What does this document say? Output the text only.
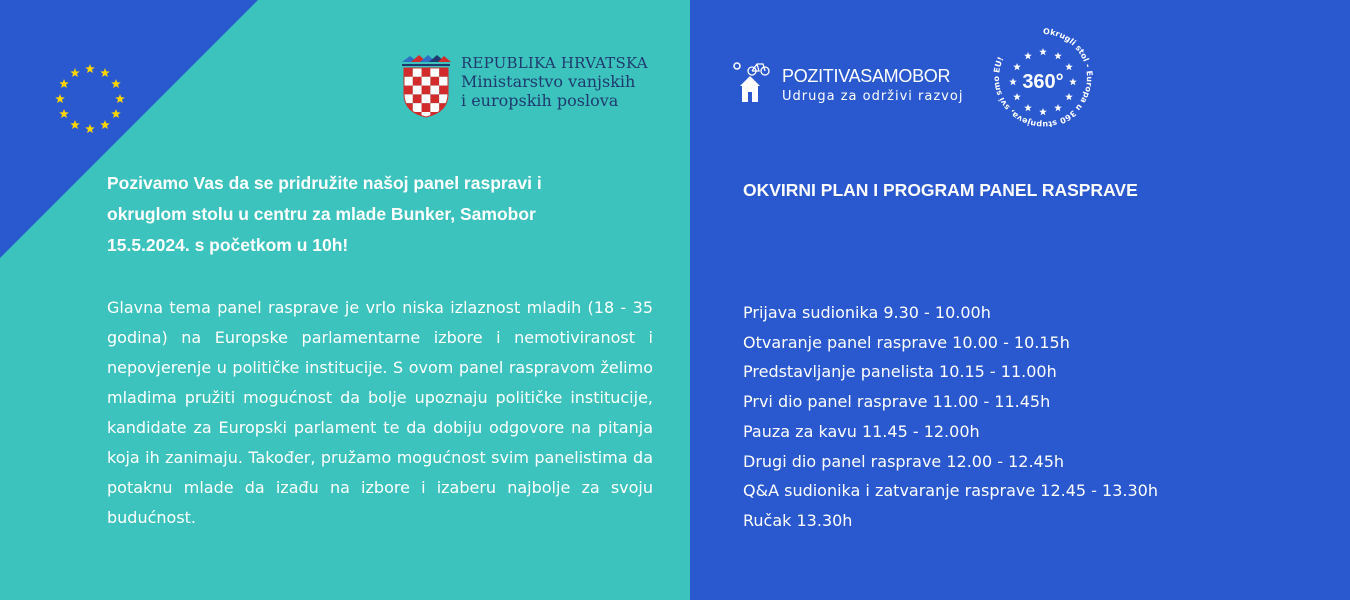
REPUBLIKA HRVATSKA
Ministarstvo vanjskih
i europskih poslova
Pozivamo Vas da se pridružite našoj panel raspravi i
okruglom stolu u centru za mlade Bunker, Samobor
15.5.2024. s početkom u 10h!
Glavna tema panel rasprave je vrlo niska izlaznost mladih (18 - 35 godina) na Europske parlamentarne izbore i nemotiviranost i nepovjerenje u političke institucije. S ovom panel raspravom želimo mladima pružiti mogućnost da bolje upoznaju političke institucije, kandidate za Europski parlament te da dobiju odgovore na pitanja koja ih zanimaju. Također, pružamo mogućnost svim panelistima da potaknu mlade da izađu na izbore i izaberu najbolje za svoju budućnost.
POZITIVASAMOBOR
Udruga za održivi razvoj
Okrugli stol - ropa u 360 stupnjeva, svi sm EU!
360°
OKVIRNI PLAN I PROGRAM PANEL RASPRAVE
Prijava sudionika 9.30 - 10.00h
Otvaranje panel rasprave 10.00 - 10.15h
Predstavljanje panelista 10.15 - 11.00h
Prvi dio panel rasprave 11.00 - 11.45h
Pauza za kavu 11.45 - 12.00h
Drugi dio panel rasprave 12.00 - 12.45h
Q&A sudionika i zatvaranje rasprave 12.45 - 13.30h
Ručak 13.30h
